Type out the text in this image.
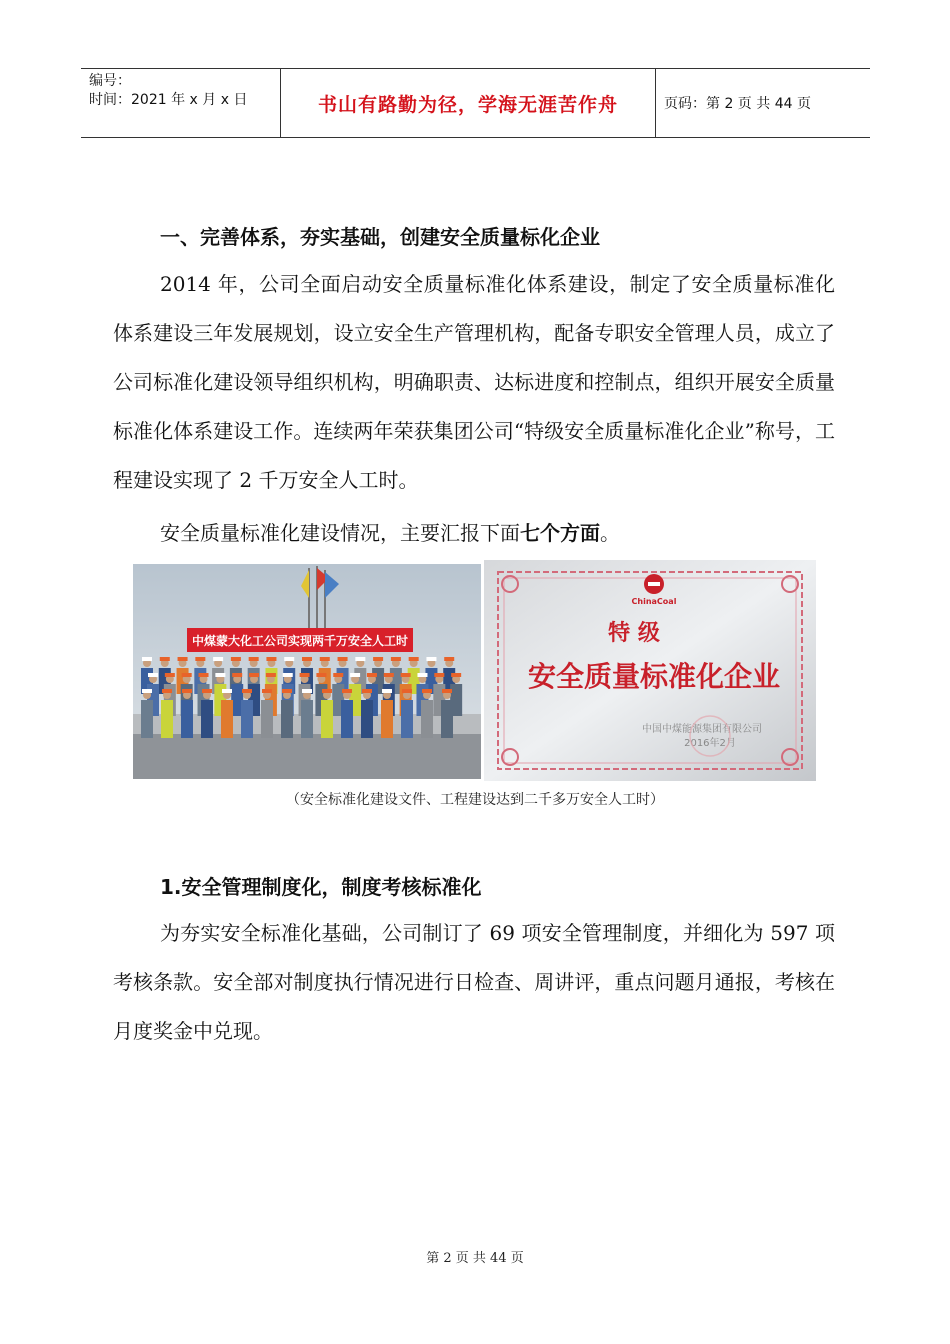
编号：
时间：2021 年 x 月 x 日	书山有路勤为径，学海无涯苦作舟	页码：第 2 页 共 44 页
一、完善体系，夯实基础，创建安全质量标化企业

2014 年，公司全面启动安全质量标准化体系建设，制定了安全质量标准化体系建设三年发展规划，设立安全生产管理机构，配备专职安全管理人员，成立了公司标准化建设领导组织机构，明确职责、达标进度和控制点，组织开展安全质量标准化体系建设工作。连续两年荣获集团公司“特级安全质量标准化企业”称号，工程建设实现了 2 千万安全人工时。

安全质量标准化建设情况，主要汇报下面七个方面。

中煤蒙大化工公司实现两千万安全人工时
ChinaCoal
特 级
安全质量标准化企业
中国中煤能源集团有限公司
2016年2月
（安全标准化建设文件、工程建设达到二千多万安全人工时）
1.安全管理制度化，制度考核标准化

为夯实安全标准化基础，公司制订了 69 项安全管理制度，并细化为 597 项考核条款。安全部对制度执行情况进行日检查、周讲评，重点问题月通报，考核在月度奖金中兑现。

第 2 页 共 44 页
